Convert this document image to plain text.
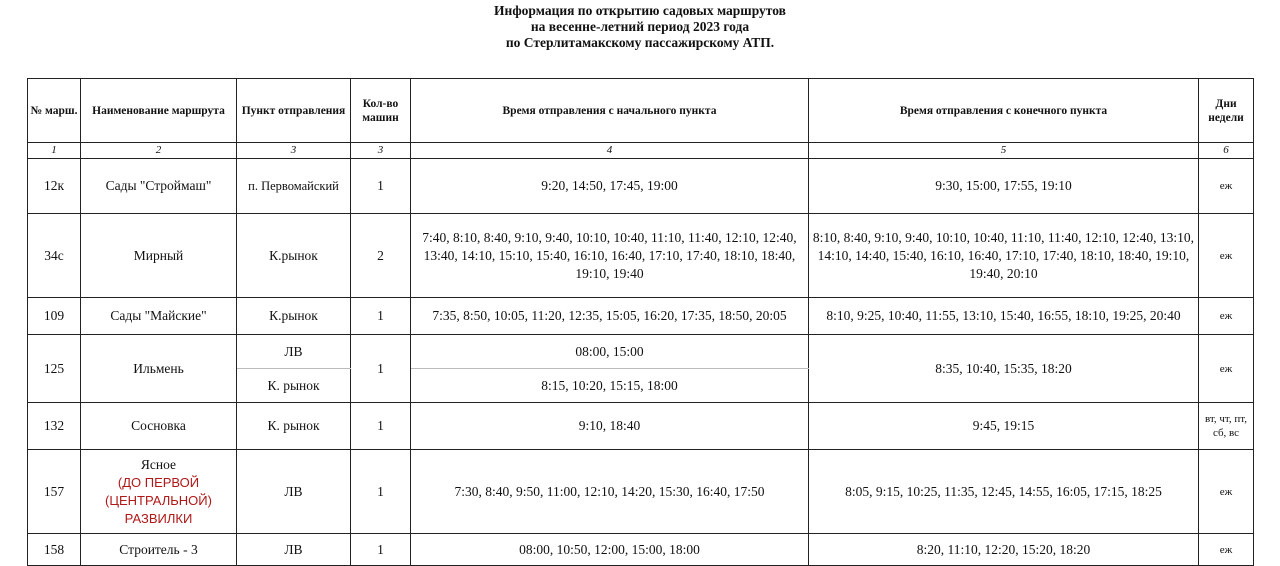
Информация по открытию садовых маршрутов
на весенне-летний период 2023 года
по Стерлитамакскому пассажирскому АТП.
№ марш.	Наименование маршрута	Пункт отправления	Кол-во машин	Время отправления с начального пункта	Время отправления с конечного пункта	Дни недели
1	2	3	3	4	5	6
12к	Сады "Строймаш"	п. Первомайский	1	9:20, 14:50, 17:45, 19:00	9:30, 15:00, 17:55, 19:10	еж
34с	Мирный	К.рынок	2	7:40, 8:10, 8:40, 9:10, 9:40, 10:10, 10:40, 11:10, 11:40, 12:10, 12:40, 13:40, 14:10, 15:10, 15:40, 16:10, 16:40, 17:10, 17:40, 18:10, 18:40, 19:10, 19:40	8:10, 8:40, 9:10, 9:40, 10:10, 10:40, 11:10, 11:40, 12:10, 12:40, 13:10, 14:10, 14:40, 15:40, 16:10, 16:40, 17:10, 17:40, 18:10, 18:40, 19:10, 19:40, 20:10	еж
109	Сады "Майские"	К.рынок	1	7:35, 8:50, 10:05, 11:20, 12:35, 15:05, 16:20, 17:35, 18:50, 20:05	8:10, 9:25, 10:40, 11:55, 13:10, 15:40, 16:55, 18:10, 19:25, 20:40	еж
125	Ильмень	ЛВ	1	08:00, 15:00	8:35, 10:40, 15:35, 18:20	еж
		К. рынок		8:15, 10:20, 15:15, 18:00		
132	Сосновка	К. рынок	1	9:10, 18:40	9:45, 19:15	вт, чт, пт, сб, вс
157	Ясное
(ДО ПЕРВОЙ (ЦЕНТРАЛЬНОЙ) РАЗВИЛКИ	ЛВ	1	7:30, 8:40, 9:50, 11:00, 12:10, 14:20, 15:30, 16:40, 17:50	8:05, 9:15, 10:25, 11:35, 12:45, 14:55, 16:05, 17:15, 18:25	еж
158	Строитель - 3	ЛВ	1	08:00, 10:50, 12:00, 15:00, 18:00	8:20, 11:10, 12:20, 15:20, 18:20	еж
